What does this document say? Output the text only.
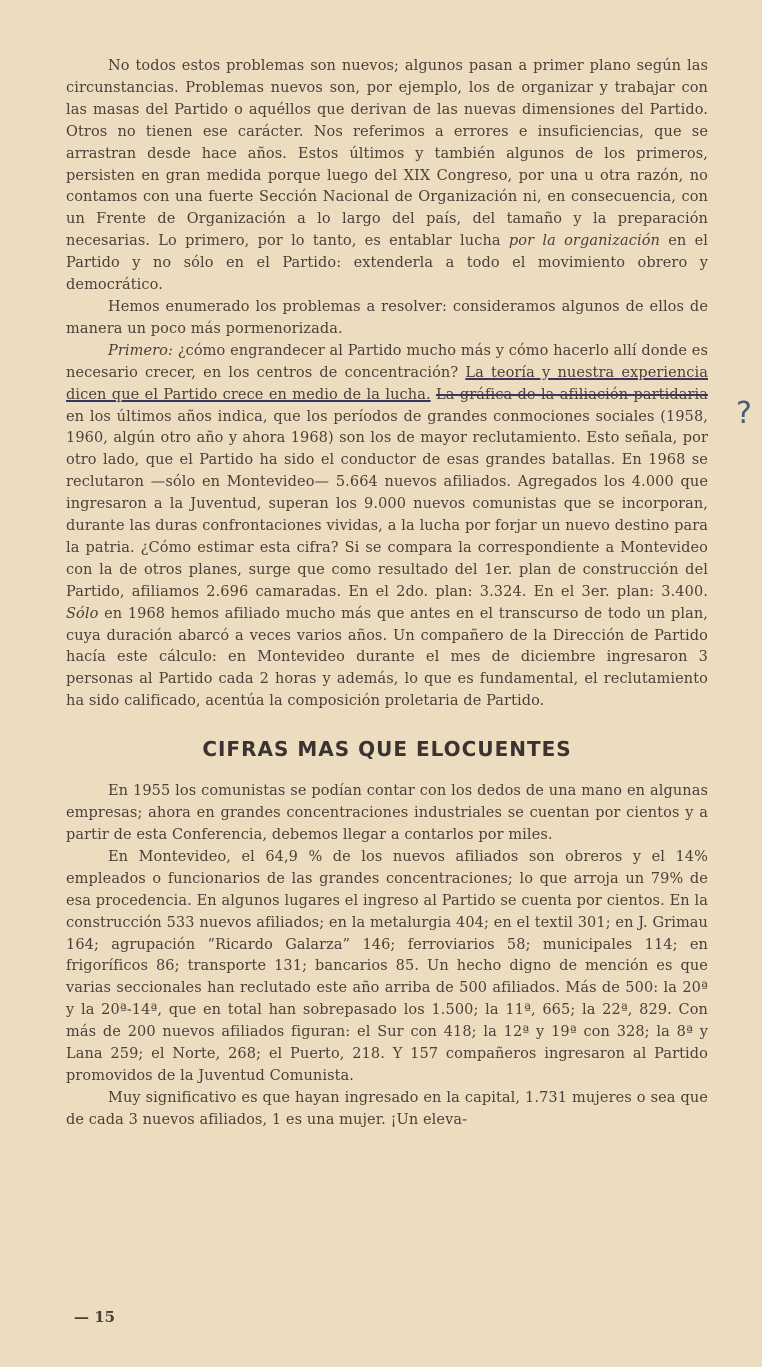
No todos estos problemas son nuevos; algunos pasan a primer plano según las circunstancias. Problemas nuevos son, por ejemplo, los de organizar y trabajar con las masas del Partido o aquéllos que derivan de las nuevas dimensiones del Partido. Otros no tienen ese carácter. Nos referimos a errores e insuficiencias, que se arrastran desde hace años. Estos últimos y también algunos de los primeros, persisten en gran medida porque luego del XIX Congreso, por una u otra razón, no contamos con una fuerte Sección Nacional de Organización ni, en consecuencia, con un Frente de Organización a lo largo del país, del tamaño y la preparación necesarias. Lo primero, por lo tanto, es entablar lucha por la organización en el Partido y no sólo en el Partido: extenderla a todo el movimiento obrero y democrático.

Hemos enumerado los problemas a resolver: consideramos algunos de ellos de manera un poco más pormenorizada.

Primero: ¿cómo engrandecer al Partido mucho más y cómo hacerlo allí donde es necesario crecer, en los centros de concentración? La teoría y nuestra experiencia dicen que el Partido crece en medio de la lucha. La gráfica de la afiliación partidaria en los últimos años indica, que los períodos de grandes conmociones sociales (1958, 1960, algún otro año y ahora 1968) son los de mayor reclutamiento. Esto señala, por otro lado, que el Partido ha sido el conductor de esas grandes batallas. En 1968 se reclutaron —sólo en Montevideo— 5.664 nuevos afiliados. Agregados los 4.000 que ingresaron a la Juventud, superan los 9.000 nuevos comunistas que se incorporan, durante las duras confrontaciones vividas, a la lucha por forjar un nuevo destino para la patria. ¿Cómo estimar esta cifra? Si se compara la correspondiente a Montevideo con la de otros planes, surge que como resultado del 1er. plan de construcción del Partido, afiliamos 2.696 camaradas. En el 2do. plan: 3.324. En el 3er. plan: 3.400. Sólo en 1968 hemos afiliado mucho más que antes en el transcurso de todo un plan, cuya duración abarcó a veces varios años. Un compañero de la Dirección de Partido hacía este cálculo: en Montevideo durante el mes de diciembre ingresaron 3 personas al Partido cada 2 horas y además, lo que es fundamental, el reclutamiento ha sido calificado, acentúa la composición proletaria de Partido.

CIFRAS MAS QUE ELOCUENTES

En 1955 los comunistas se podían contar con los dedos de una mano en algunas empresas; ahora en grandes concentraciones industriales se cuentan por cientos y a partir de esta Conferencia, debemos llegar a contarlos por miles.

En Montevideo, el 64,9 % de los nuevos afiliados son obreros y el 14% empleados o funcionarios de las grandes concentraciones; lo que arroja un 79% de esa procedencia. En algunos lugares el ingreso al Partido se cuenta por cientos. En la construcción 533 nuevos afiliados; en la metalurgia 404; en el textil 301; en J. Grimau 164; agrupación “Ricardo Galarza” 146; ferroviarios 58; municipales 114; en frigoríficos 86; transporte 131; bancarios 85. Un hecho digno de mención es que varias seccionales han reclutado este año arriba de 500 afiliados. Más de 500: la 20ª y la 20ª-14ª, que en total han sobrepasado los 1.500; la 11ª, 665; la 22ª, 829. Con más de 200 nuevos afiliados figuran: el Sur con 418; la 12ª y 19ª con 328; la 8ª y Lana 259; el Norte, 268; el Puerto, 218. Y 157 compañeros ingresaron al Partido promovidos de la Juventud Comunista.

Muy significativo es que hayan ingresado en la capital, 1.731 mujeres o sea que de cada 3 nuevos afiliados, 1 es una mujer. ¡Un eleva-

?
— 15
